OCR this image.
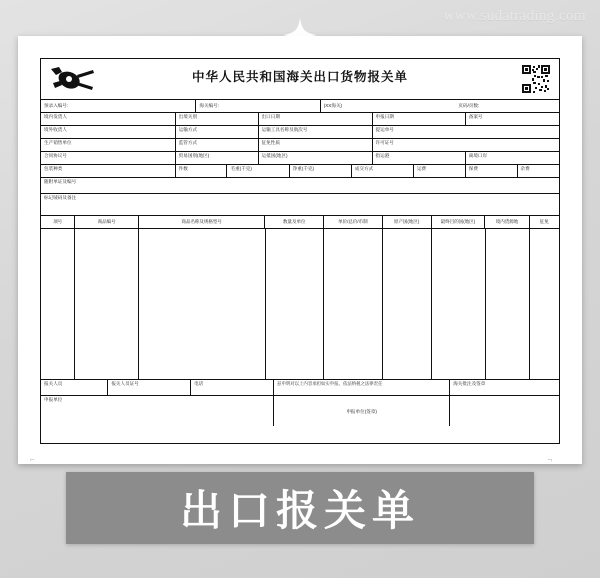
www.sudatrading.com
中华人民共和国海关出口货物报关单
预录入编号:	海关编号:	(XX海关)	页码/页数:
境内发货人	出境关别	出口日期	申报日期	备案号
境外收货人	运输方式	运输工具名称及航次号	提运单号
生产销售单位	监管方式	征免性质	许可证号
合同协议号	贸易国别(地区)	运抵国(地区)	指运港	离境口岸
包装种类	件数	毛重(千克)	净重(千克)	成交方式	运费	保费	杂费
随附单证及编号
标记唛码及备注
项号	商品编号	商品名称及规格型号	数量及单位	单价/总价/币制	原产国(地区)	最终目的国(地区)	境内货源地	征免
报关人员	报关人员证号	电话	兹申明对以上内容承担如实申报、依法纳税之法律责任	海关批注及签章
申报单位
申报单位(签章)
⌐	¬
出口报关单
